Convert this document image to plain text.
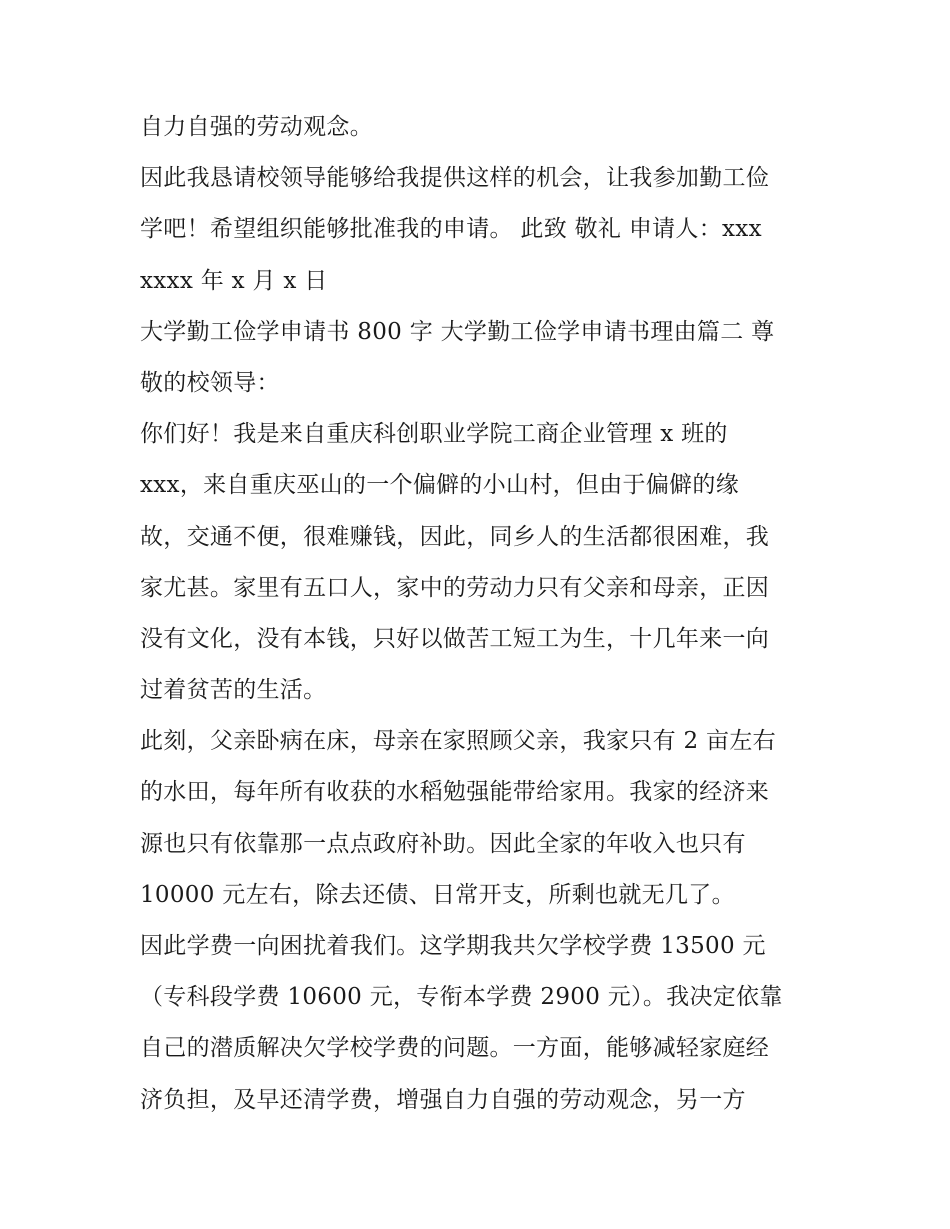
自力自强的劳动观念。
因此我恳请校领导能够给我提供这样的机会，让我参加勤工俭
学吧！希望组织能够批准我的申请。 此致 敬礼 申请人：xxx
xxxx 年 x 月 x 日
大学勤工俭学申请书 800 字 大学勤工俭学申请书理由篇二 尊
敬的校领导：
你们好！我是来自重庆科创职业学院工商企业管理 x 班的
xxx，来自重庆巫山的一个偏僻的小山村，但由于偏僻的缘
故，交通不便，很难赚钱，因此，同乡人的生活都很困难，我
家尤甚。家里有五口人，家中的劳动力只有父亲和母亲，正因
没有文化，没有本钱，只好以做苦工短工为生，十几年来一向
过着贫苦的生活。
此刻，父亲卧病在床，母亲在家照顾父亲，我家只有 2 亩左右
的水田，每年所有收获的水稻勉强能带给家用。我家的经济来
源也只有依靠那一点点政府补助。因此全家的年收入也只有
10000 元左右，除去还债、日常开支，所剩也就无几了。
因此学费一向困扰着我们。这学期我共欠学校学费 13500 元
（专科段学费 10600 元，专衔本学费 2900 元）。我决定依靠
自己的潜质解决欠学校学费的问题。一方面，能够减轻家庭经
济负担，及早还清学费，增强自力自强的劳动观念，另一方
